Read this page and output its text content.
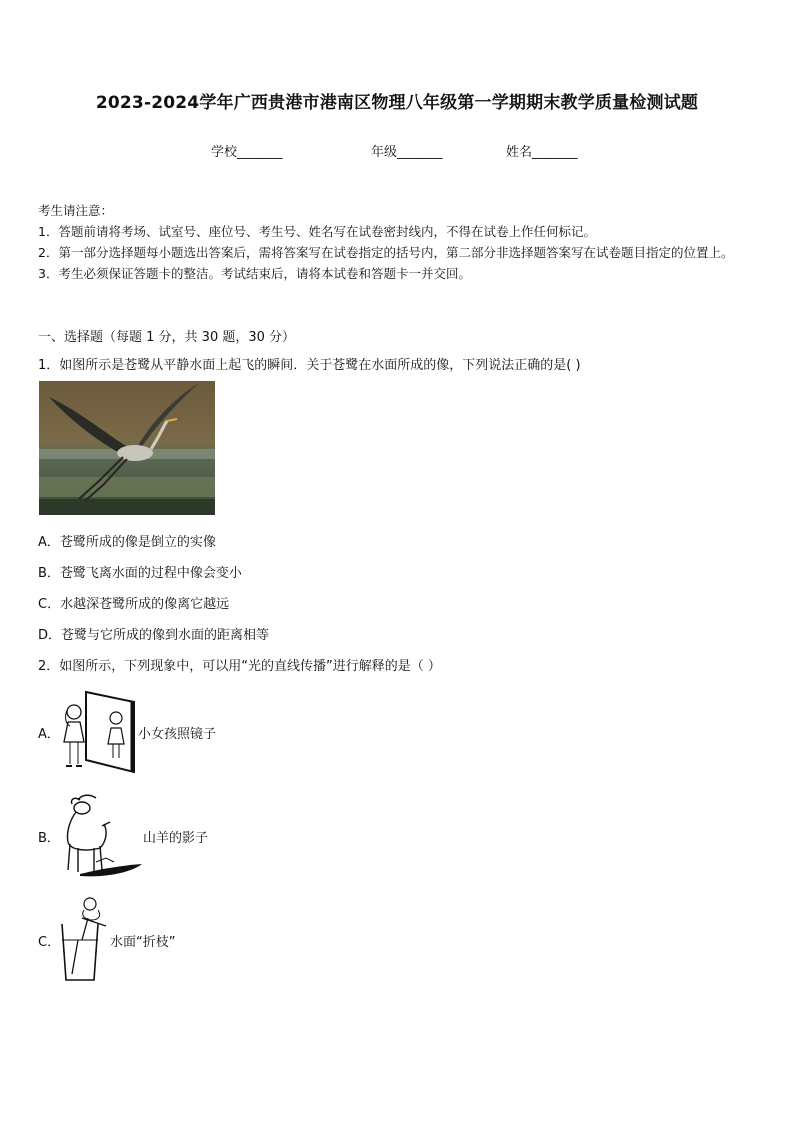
2023-2024学年广西贵港市港南区物理八年级第一学期期末教学质量检测试题
学校_______	年级_______	姓名_______
考生请注意：
1．答题前请将考场、试室号、座位号、考生号、姓名写在试卷密封线内，不得在试卷上作任何标记。
2．第一部分选择题每小题选出答案后，需将答案写在试卷指定的括号内，第二部分非选择题答案写在试卷题目指定的位置上。
3．考生必须保证答题卡的整洁。考试结束后，请将本试卷和答题卡一并交回。
一、选择题（每题 1 分，共 30 题，30 分）
1．如图所示是苍鹭从平静水面上起飞的瞬间．关于苍鹭在水面所成的像，下列说法正确的是( )
A．苍鹭所成的像是倒立的实像
B．苍鹭飞离水面的过程中像会变小
C．水越深苍鹭所成的像离它越远
D．苍鹭与它所成的像到水面的距离相等
2．如图所示，下列现象中，可以用“光的直线传播”进行解释的是（ ）
A．	小女孩照镜子
B．	山羊的影子
C．	水面“折枝”
